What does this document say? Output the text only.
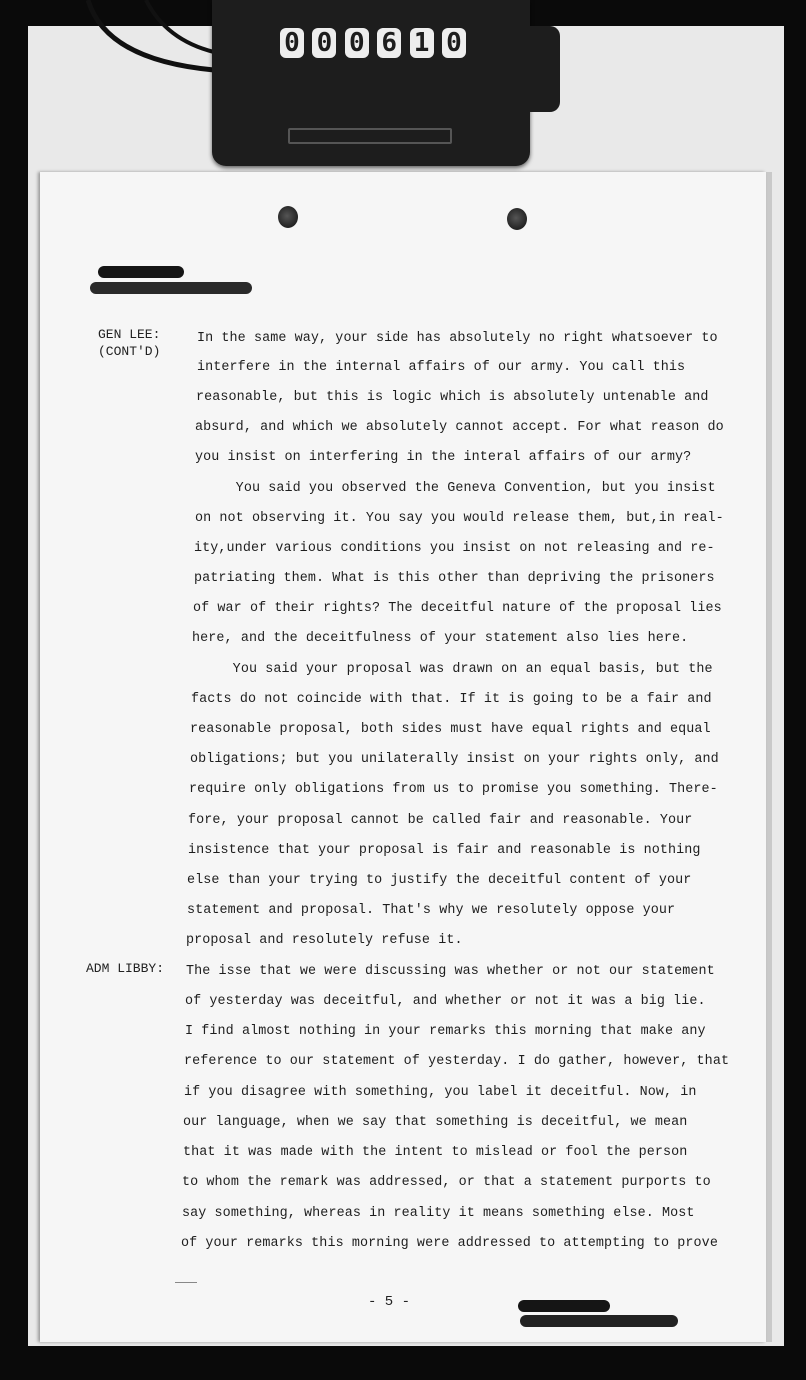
0 0 0 6 1 0
GEN LEE:
(CONT'D)
ADM LIBBY:
In the same way, your side has absolutely no right whatsoever to
interfere in the internal affairs of our army. You call this
reasonable, but this is logic which is absolutely untenable and
absurd, and which we absolutely cannot accept. For what reason do
you insist on interfering in the interal affairs of our army?
You said you observed the Geneva Convention, but you insist
on not observing it. You say you would release them, but,in real-
ity,under various conditions you insist on not releasing and re-
patriating them. What is this other than depriving the prisoners
of war of their rights? The deceitful nature of the proposal lies
here, and the deceitfulness of your statement also lies here.
You said your proposal was drawn on an equal basis, but the
facts do not coincide with that. If it is going to be a fair and
reasonable proposal, both sides must have equal rights and equal
obligations; but you unilaterally insist on your rights only, and
require only obligations from us to promise you something. There-
fore, your proposal cannot be called fair and reasonable. Your
insistence that your proposal is fair and reasonable is nothing
else than your trying to justify the deceitful content of your
statement and proposal. That's why we resolutely oppose your
proposal and resolutely refuse it.
The isse that we were discussing was whether or not our statement
of yesterday was deceitful, and whether or not it was a big lie.
I find almost nothing in your remarks this morning that make any
reference to our statement of yesterday. I do gather, however, that
if you disagree with something, you label it deceitful. Now, in
our language, when we say that something is deceitful, we mean
that it was made with the intent to mislead or fool the person
to whom the remark was addressed, or that a statement purports to
say something, whereas in reality it means something else. Most
of your remarks this morning were addressed to attempting to prove
- 5 -
